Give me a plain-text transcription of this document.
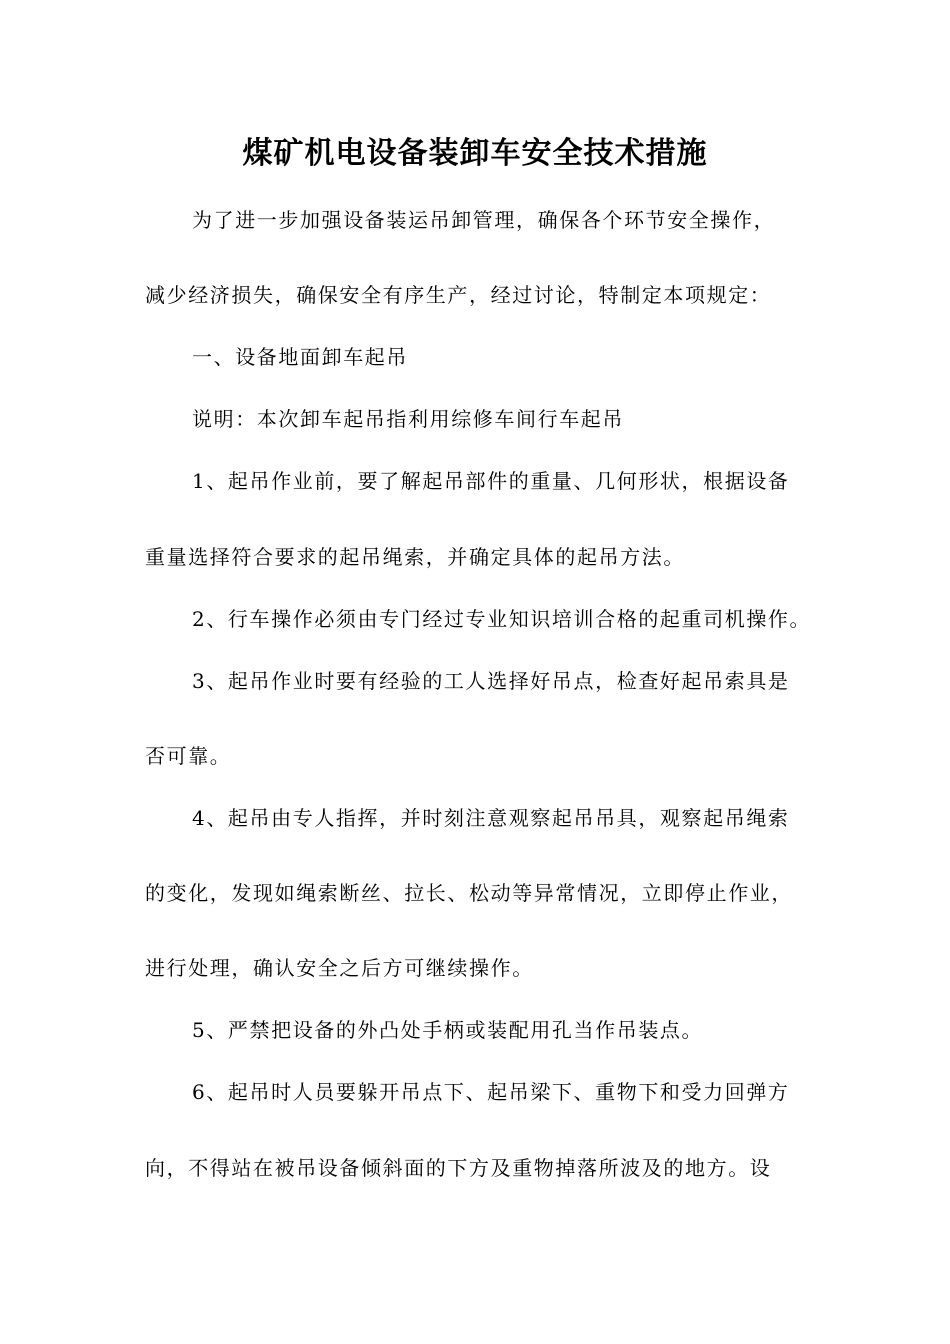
煤矿机电设备装卸车安全技术措施
为了进一步加强设备装运吊卸管理，确保各个环节安全操作，
减少经济损失，确保安全有序生产，经过讨论，特制定本项规定：
一、设备地面卸车起吊
说明：本次卸车起吊指利用综修车间行车起吊
1、起吊作业前，要了解起吊部件的重量、几何形状，根据设备
重量选择符合要求的起吊绳索，并确定具体的起吊方法。
2、行车操作必须由专门经过专业知识培训合格的起重司机操作。
3、起吊作业时要有经验的工人选择好吊点，检查好起吊索具是
否可靠。
4、起吊由专人指挥，并时刻注意观察起吊吊具，观察起吊绳索
的变化，发现如绳索断丝、拉长、松动等异常情况，立即停止作业，
进行处理，确认安全之后方可继续操作。
5、严禁把设备的外凸处手柄或装配用孔当作吊装点。
6、起吊时人员要躲开吊点下、起吊梁下、重物下和受力回弹方
向，不得站在被吊设备倾斜面的下方及重物掉落所波及的地方。设
